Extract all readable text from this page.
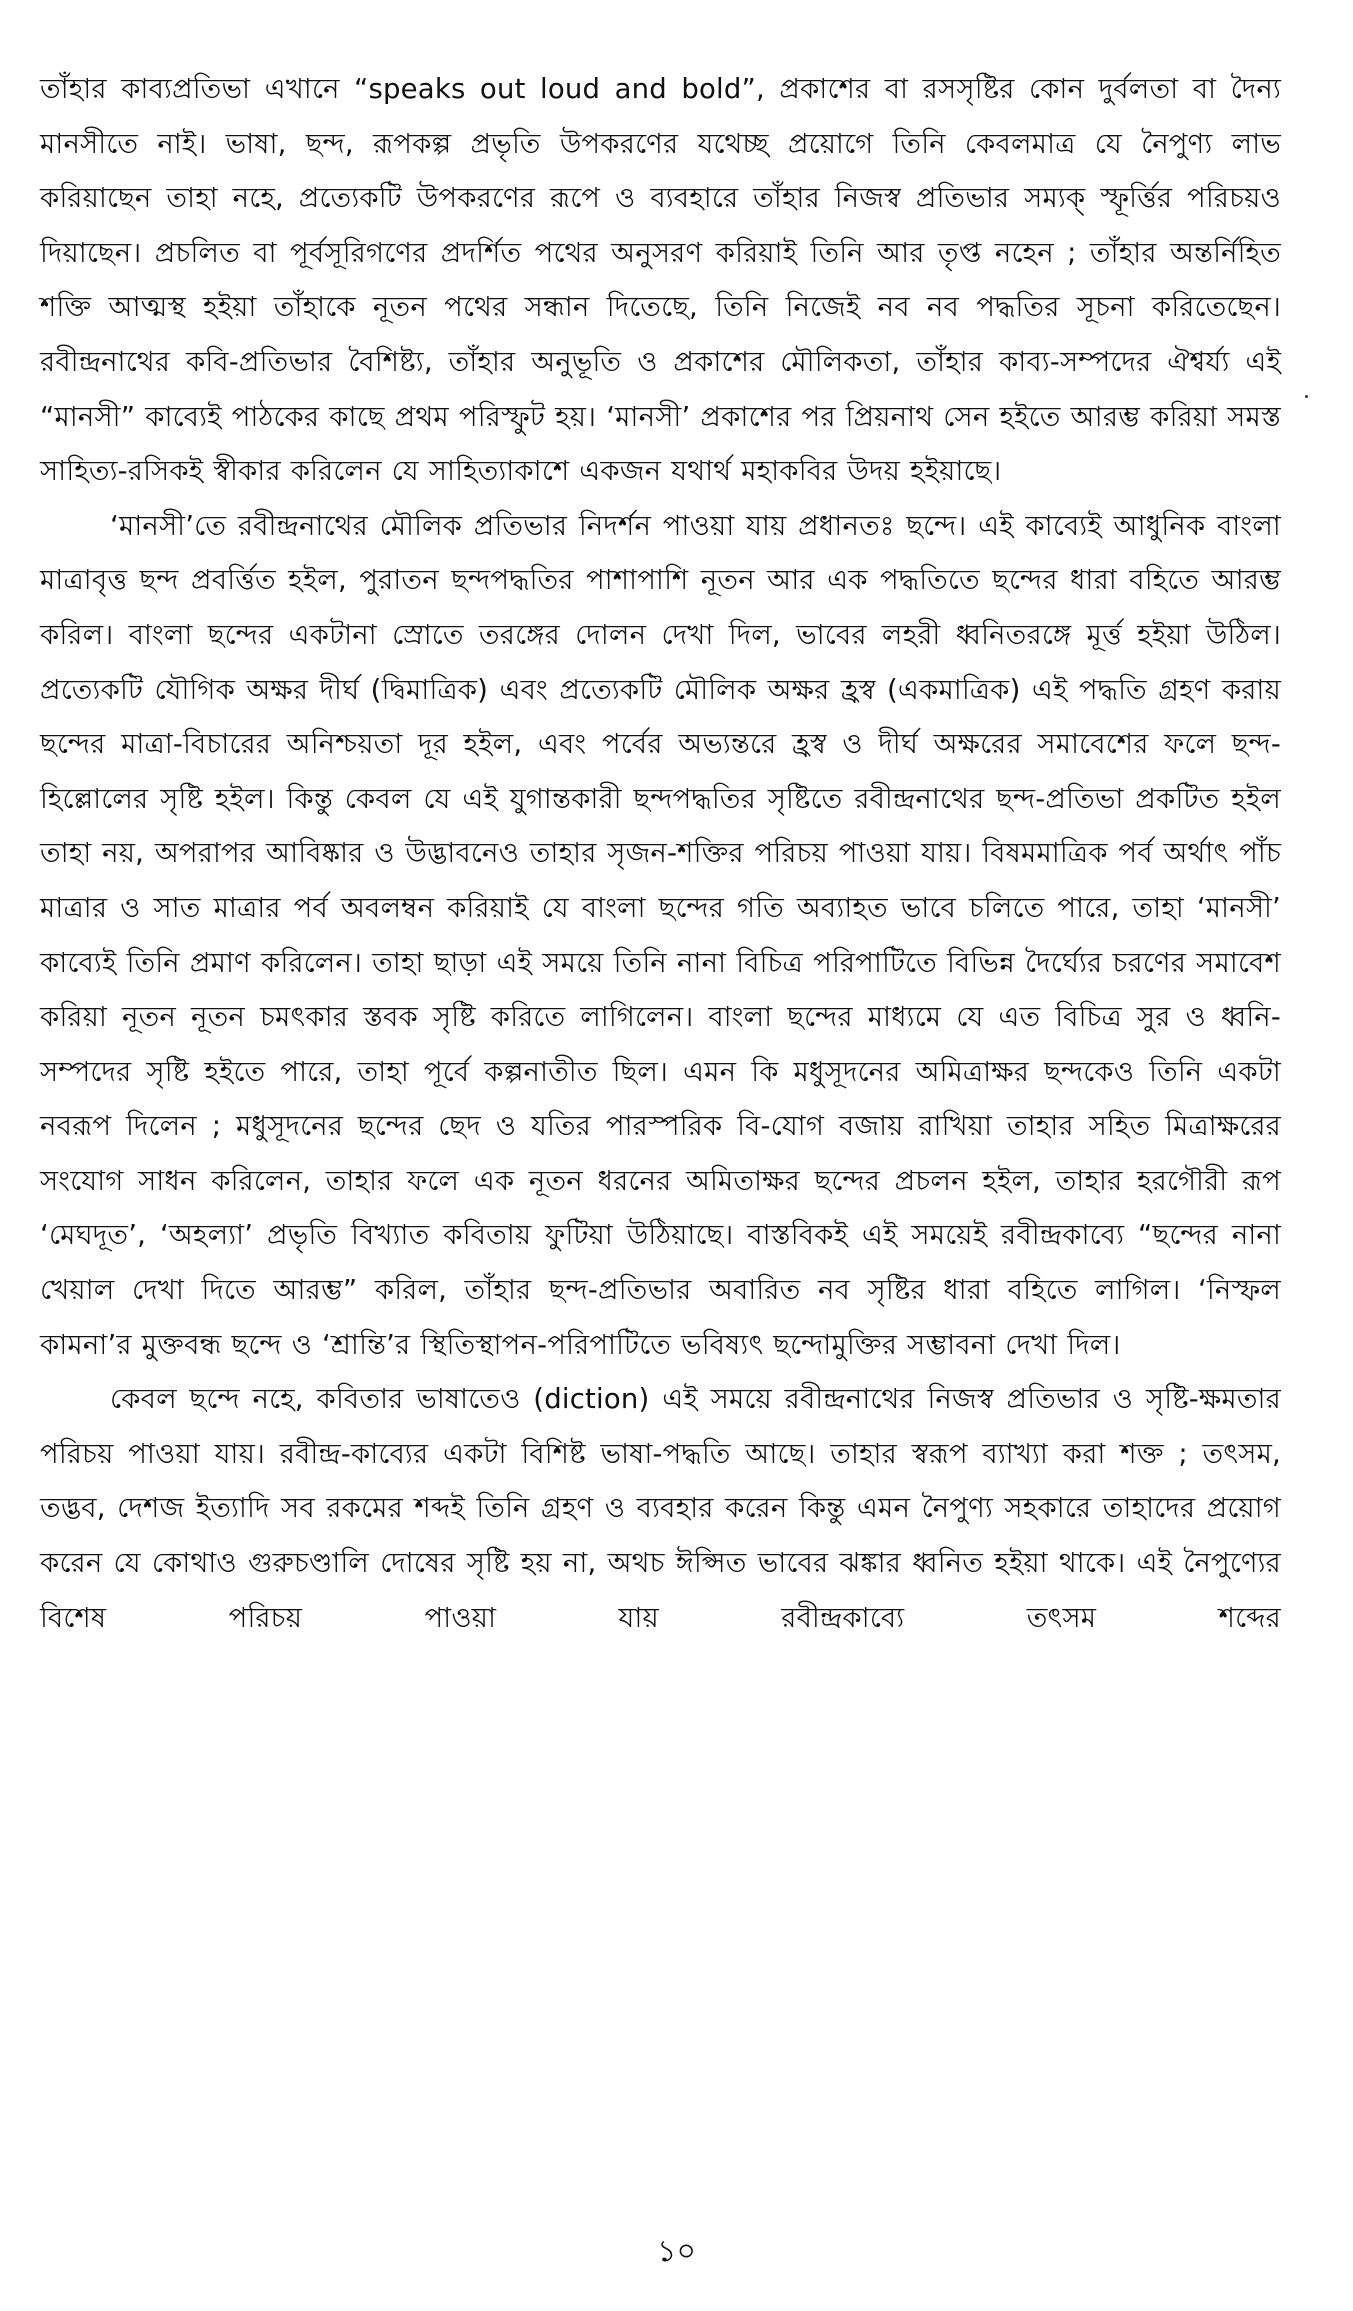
তাঁহার কাব্যপ্রতিভা এখানে “speaks out loud and bold”, প্রকাশের বা রসসৃষ্টির কোন দুর্বলতা বা দৈন্য মানসীতে নাই। ভাষা, ছন্দ, রূপকল্প প্রভৃতি উপকরণের যথেচ্ছ প্রয়োগে তিনি কেবলমাত্র যে নৈপুণ্য লাভ করিয়াছেন তাহা নহে, প্রত্যেকটি উপকরণের রূপে ও ব্যবহারে তাঁহার নিজস্ব প্রতিভার সম্যক্ স্ফূর্ত্তির পরিচয়ও দিয়াছেন। প্রচলিত বা পূর্বসূরিগণের প্রদর্শিত পথের অনুসরণ করিয়াই তিনি আর তৃপ্ত নহেন ; তাঁহার অন্তর্নিহিত শক্তি আত্মস্থ হইয়া তাঁহাকে নূতন পথের সন্ধান দিতেছে, তিনি নিজেই নব নব পদ্ধতির সূচনা করিতেছেন। রবীন্দ্রনাথের কবি-প্রতিভার বৈশিষ্ট্য, তাঁহার অনুভূতি ও প্রকাশের মৌলিকতা, তাঁহার কাব্য-সম্পদের ঐশ্বর্য্য এই “মানসী” কাব্যেই পাঠকের কাছে প্রথম পরিস্ফুট হয়। ‘মানসী’ প্রকাশের পর প্রিয়নাথ সেন হইতে আরম্ভ করিয়া সমস্ত সাহিত্য-রসিকই স্বীকার করিলেন যে সাহিত্যাকাশে একজন যথার্থ মহাকবির উদয় হইয়াছে।

‘মানসী’তে রবীন্দ্রনাথের মৌলিক প্রতিভার নিদর্শন পাওয়া যায় প্রধানতঃ ছন্দে। এই কাব্যেই আধুনিক বাংলা মাত্রাবৃত্ত ছন্দ প্রবর্ত্তিত হইল, পুরাতন ছন্দপদ্ধতির পাশাপাশি নূতন আর এক পদ্ধতিতে ছন্দের ধারা বহিতে আরম্ভ করিল। বাংলা ছন্দের একটানা স্রোতে তরঙ্গের দোলন দেখা দিল, ভাবের লহরী ধ্বনিতরঙ্গে মূর্ত্ত হইয়া উঠিল। প্রত্যেকটি যৌগিক অক্ষর দীর্ঘ (দ্বিমাত্রিক) এবং প্রত্যেকটি মৌলিক অক্ষর হ্রস্ব (একমাত্রিক) এই পদ্ধতি গ্রহণ করায় ছন্দের মাত্রা-বিচারের অনিশ্চয়তা দূর হইল, এবং পর্বের অভ্যন্তরে হ্রস্ব ও দীর্ঘ অক্ষরের সমাবেশের ফলে ছন্দ-হিল্লোলের সৃষ্টি হইল। কিন্তু কেবল যে এই যুগান্তকারী ছন্দপদ্ধতির সৃষ্টিতে রবীন্দ্রনাথের ছন্দ-প্রতিভা প্রকটিত হইল তাহা নয়, অপরাপর আবিষ্কার ও উদ্ভাবনেও তাহার সৃজন-শক্তির পরিচয় পাওয়া যায়। বিষমমাত্রিক পর্ব অর্থাৎ পাঁচ মাত্রার ও সাত মাত্রার পর্ব অবলম্বন করিয়াই যে বাংলা ছন্দের গতি অব্যাহত ভাবে চলিতে পারে, তাহা ‘মানসী’ কাব্যেই তিনি প্রমাণ করিলেন। তাহা ছাড়া এই সময়ে তিনি নানা বিচিত্র পরিপাটিতে বিভিন্ন দৈর্ঘ্যের চরণের সমাবেশ করিয়া নূতন নূতন চমৎকার স্তবক সৃষ্টি করিতে লাগিলেন। বাংলা ছন্দের মাধ্যমে যে এত বিচিত্র সুর ও ধ্বনি-সম্পদের সৃষ্টি হইতে পারে, তাহা পূর্বে কল্পনাতীত ছিল। এমন কি মধুসূদনের অমিত্রাক্ষর ছন্দকেও তিনি একটা নবরূপ দিলেন ; মধুসূদনের ছন্দের ছেদ ও যতির পারস্পরিক বি-যোগ বজায় রাখিয়া তাহার সহিত মিত্রাক্ষরের সংযোগ সাধন করিলেন, তাহার ফলে এক নূতন ধরনের অমিতাক্ষর ছন্দের প্রচলন হইল, তাহার হরগৌরী রূপ ‘মেঘদূত’, ‘অহল্যা’ প্রভৃতি বিখ্যাত কবিতায় ফুটিয়া উঠিয়াছে। বাস্তবিকই এই সময়েই রবীন্দ্রকাব্যে “ছন্দের নানা খেয়াল দেখা দিতে আরম্ভ” করিল, তাঁহার ছন্দ-প্রতিভার অবারিত নব সৃষ্টির ধারা বহিতে লাগিল। ‘নিস্ফল কামনা’র মুক্তবন্ধ ছন্দে ও ‘শ্রান্তি’র স্থিতিস্থাপন-পরিপাটিতে ভবিষ্যৎ ছন্দোমুক্তির সম্ভাবনা দেখা দিল।

কেবল ছন্দে নহে, কবিতার ভাষাতেও (diction) এই সময়ে রবীন্দ্রনাথের নিজস্ব প্রতিভার ও সৃষ্টি-ক্ষমতার পরিচয় পাওয়া যায়। রবীন্দ্র-কাব্যের একটা বিশিষ্ট ভাষা-পদ্ধতি আছে। তাহার স্বরূপ ব্যাখ্যা করা শক্ত ; তৎসম, তদ্ভব, দেশজ ইত্যাদি সব রকমের শব্দই তিনি গ্রহণ ও ব্যবহার করেন কিন্তু এমন নৈপুণ্য সহকারে তাহাদের প্রয়োগ করেন যে কোথাও গুরুচণ্ডালি দোষের সৃষ্টি হয় না, অথচ ঈপ্সিত ভাবের ঝঙ্কার ধ্বনিত হইয়া থাকে। এই নৈপুণ্যের বিশেষ পরিচয় পাওয়া যায় রবীন্দ্রকাব্যে তৎসম শব্দের

১০
